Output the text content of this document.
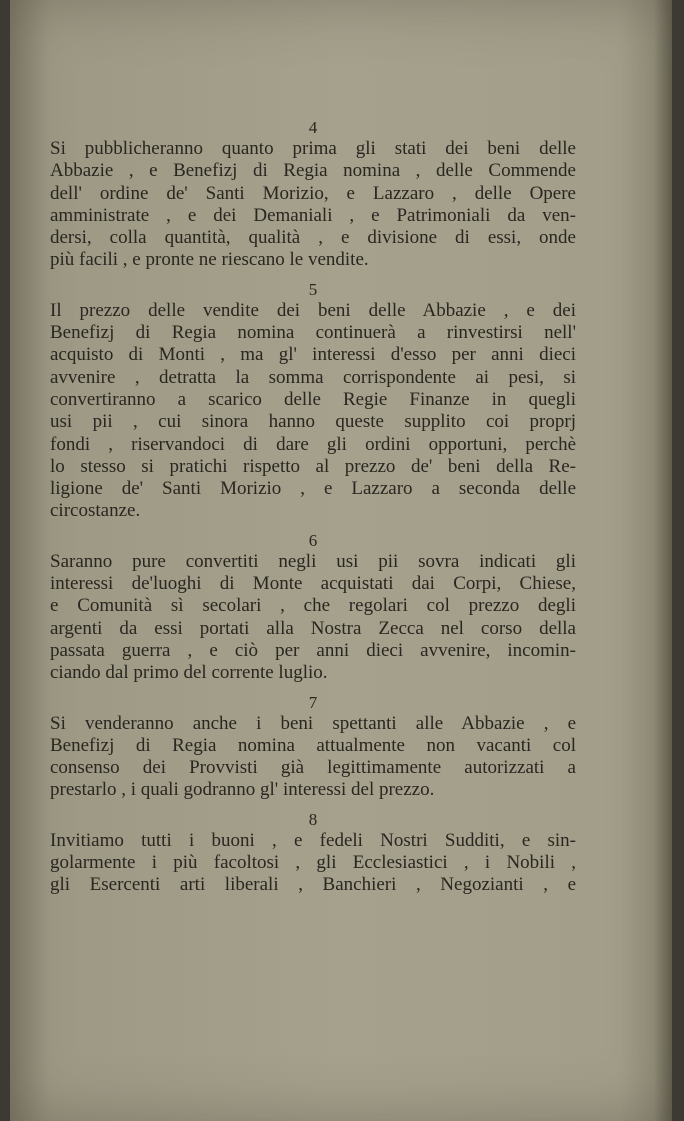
4
Si pubblicheranno quanto prima gli stati dei beni delle
Abbazie , e Benefizj di Regia nomina , delle Commende
dell' ordine de' Santi Morizio, e Lazzaro , delle Opere
amministrate , e dei Demaniali , e Patrimoniali da ven-
dersi, colla quantità, qualità , e divisione di essi, onde
più facili , e pronte ne riescano le vendite.
5
Il prezzo delle vendite dei beni delle Abbazie , e dei
Benefizj di Regia nomina continuerà a rinvestirsi nell'
acquisto di Monti , ma gl' interessi d'esso per anni dieci
avvenire , detratta la somma corrispondente ai pesi, si
convertiranno a scarico delle Regie Finanze in quegli
usi pii , cui sinora hanno queste supplito coi proprj
fondi , riservandoci di dare gli ordini opportuni, perchè
lo stesso si pratichi rispetto al prezzo de' beni della Re-
ligione de' Santi Morizio , e Lazzaro a seconda delle
circostanze.
6
Saranno pure convertiti negli usi pii sovra indicati gli
interessi de'luoghi di Monte acquistati dai Corpi, Chiese,
e Comunità sì secolari , che regolari col prezzo degli
argenti da essi portati alla Nostra Zecca nel corso della
passata guerra , e ciò per anni dieci avvenire, incomin-
ciando dal primo del corrente luglio.
7
Si venderanno anche i beni spettanti alle Abbazie , e
Benefizj di Regia nomina attualmente non vacanti col
consenso dei Provvisti già legittimamente autorizzati a
prestarlo , i quali godranno gl' interessi del prezzo.
8
Invitiamo tutti i buoni , e fedeli Nostri Sudditi, e sin-
golarmente i più facoltosi , gli Ecclesiastici , i Nobili ,
gli Esercenti arti liberali , Banchieri , Negozianti , e
